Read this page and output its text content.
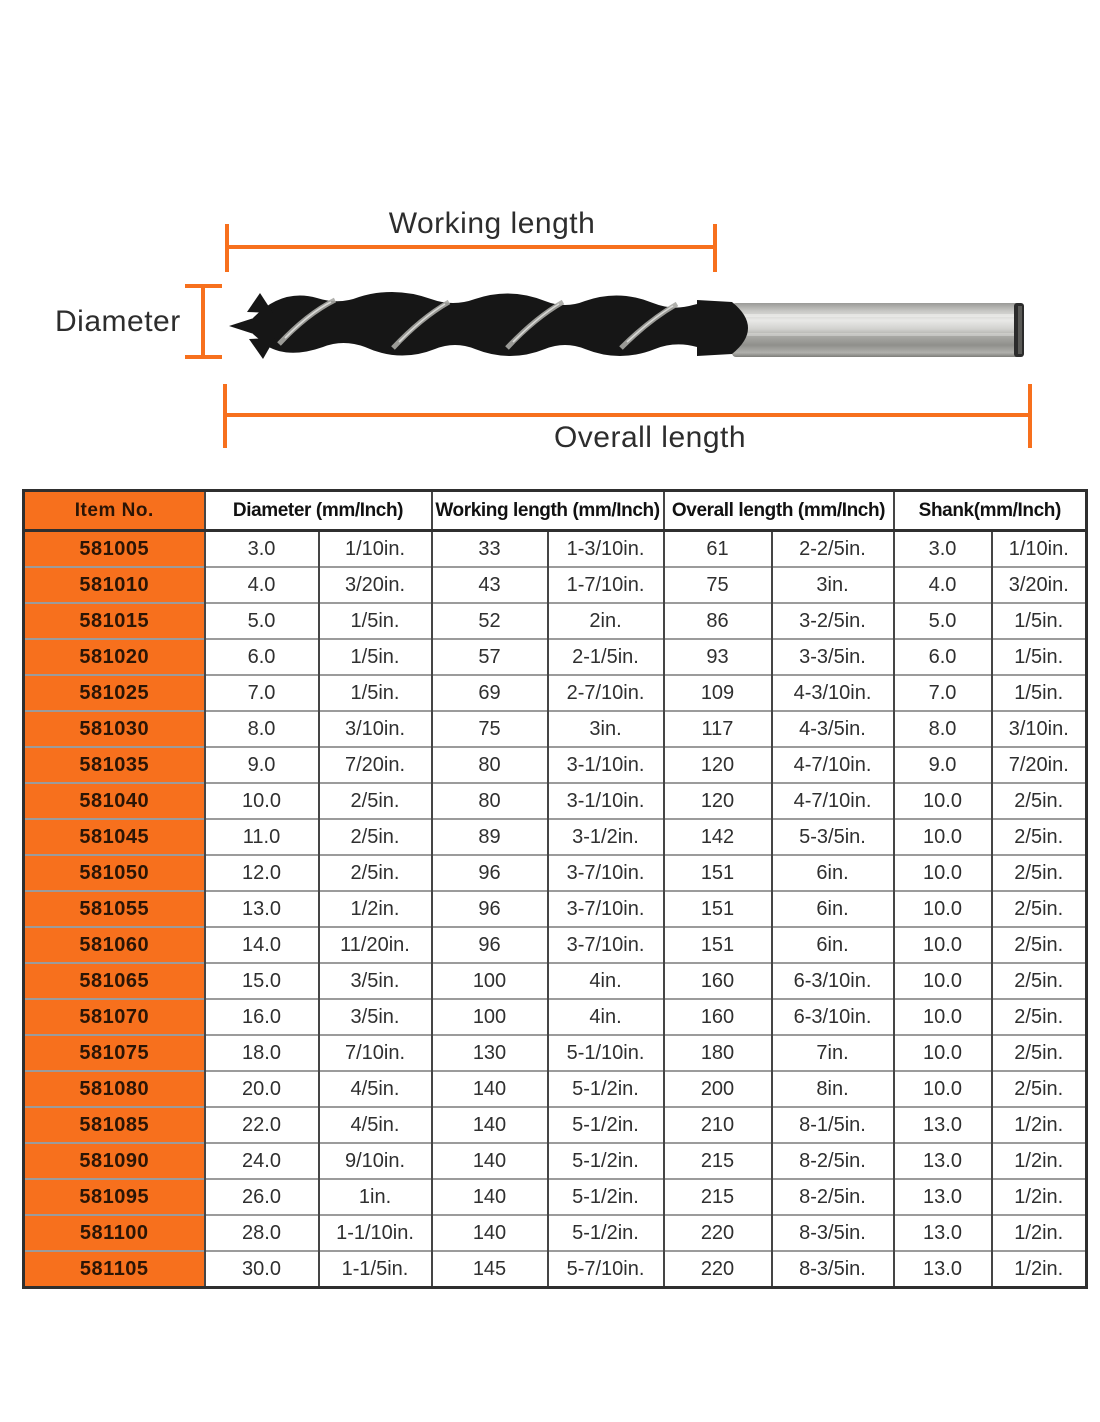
Working length
Diameter
Overall length
Item No.	Diameter (mm/Inch)		Working length (mm/Inch)		Overall length (mm/Inch)		Shank(mm/Inch)	
581005	3.0	1/10in.	33	1-3/10in.	61	2-2/5in.	3.0	1/10in.
581010	4.0	3/20in.	43	1-7/10in.	75	3in.	4.0	3/20in.
581015	5.0	1/5in.	52	2in.	86	3-2/5in.	5.0	1/5in.
581020	6.0	1/5in.	57	2-1/5in.	93	3-3/5in.	6.0	1/5in.
581025	7.0	1/5in.	69	2-7/10in.	109	4-3/10in.	7.0	1/5in.
581030	8.0	3/10in.	75	3in.	117	4-3/5in.	8.0	3/10in.
581035	9.0	7/20in.	80	3-1/10in.	120	4-7/10in.	9.0	7/20in.
581040	10.0	2/5in.	80	3-1/10in.	120	4-7/10in.	10.0	2/5in.
581045	11.0	2/5in.	89	3-1/2in.	142	5-3/5in.	10.0	2/5in.
581050	12.0	2/5in.	96	3-7/10in.	151	6in.	10.0	2/5in.
581055	13.0	1/2in.	96	3-7/10in.	151	6in.	10.0	2/5in.
581060	14.0	11/20in.	96	3-7/10in.	151	6in.	10.0	2/5in.
581065	15.0	3/5in.	100	4in.	160	6-3/10in.	10.0	2/5in.
581070	16.0	3/5in.	100	4in.	160	6-3/10in.	10.0	2/5in.
581075	18.0	7/10in.	130	5-1/10in.	180	7in.	10.0	2/5in.
581080	20.0	4/5in.	140	5-1/2in.	200	8in.	10.0	2/5in.
581085	22.0	4/5in.	140	5-1/2in.	210	8-1/5in.	13.0	1/2in.
581090	24.0	9/10in.	140	5-1/2in.	215	8-2/5in.	13.0	1/2in.
581095	26.0	1in.	140	5-1/2in.	215	8-2/5in.	13.0	1/2in.
581100	28.0	1-1/10in.	140	5-1/2in.	220	8-3/5in.	13.0	1/2in.
581105	30.0	1-1/5in.	145	5-7/10in.	220	8-3/5in.	13.0	1/2in.
